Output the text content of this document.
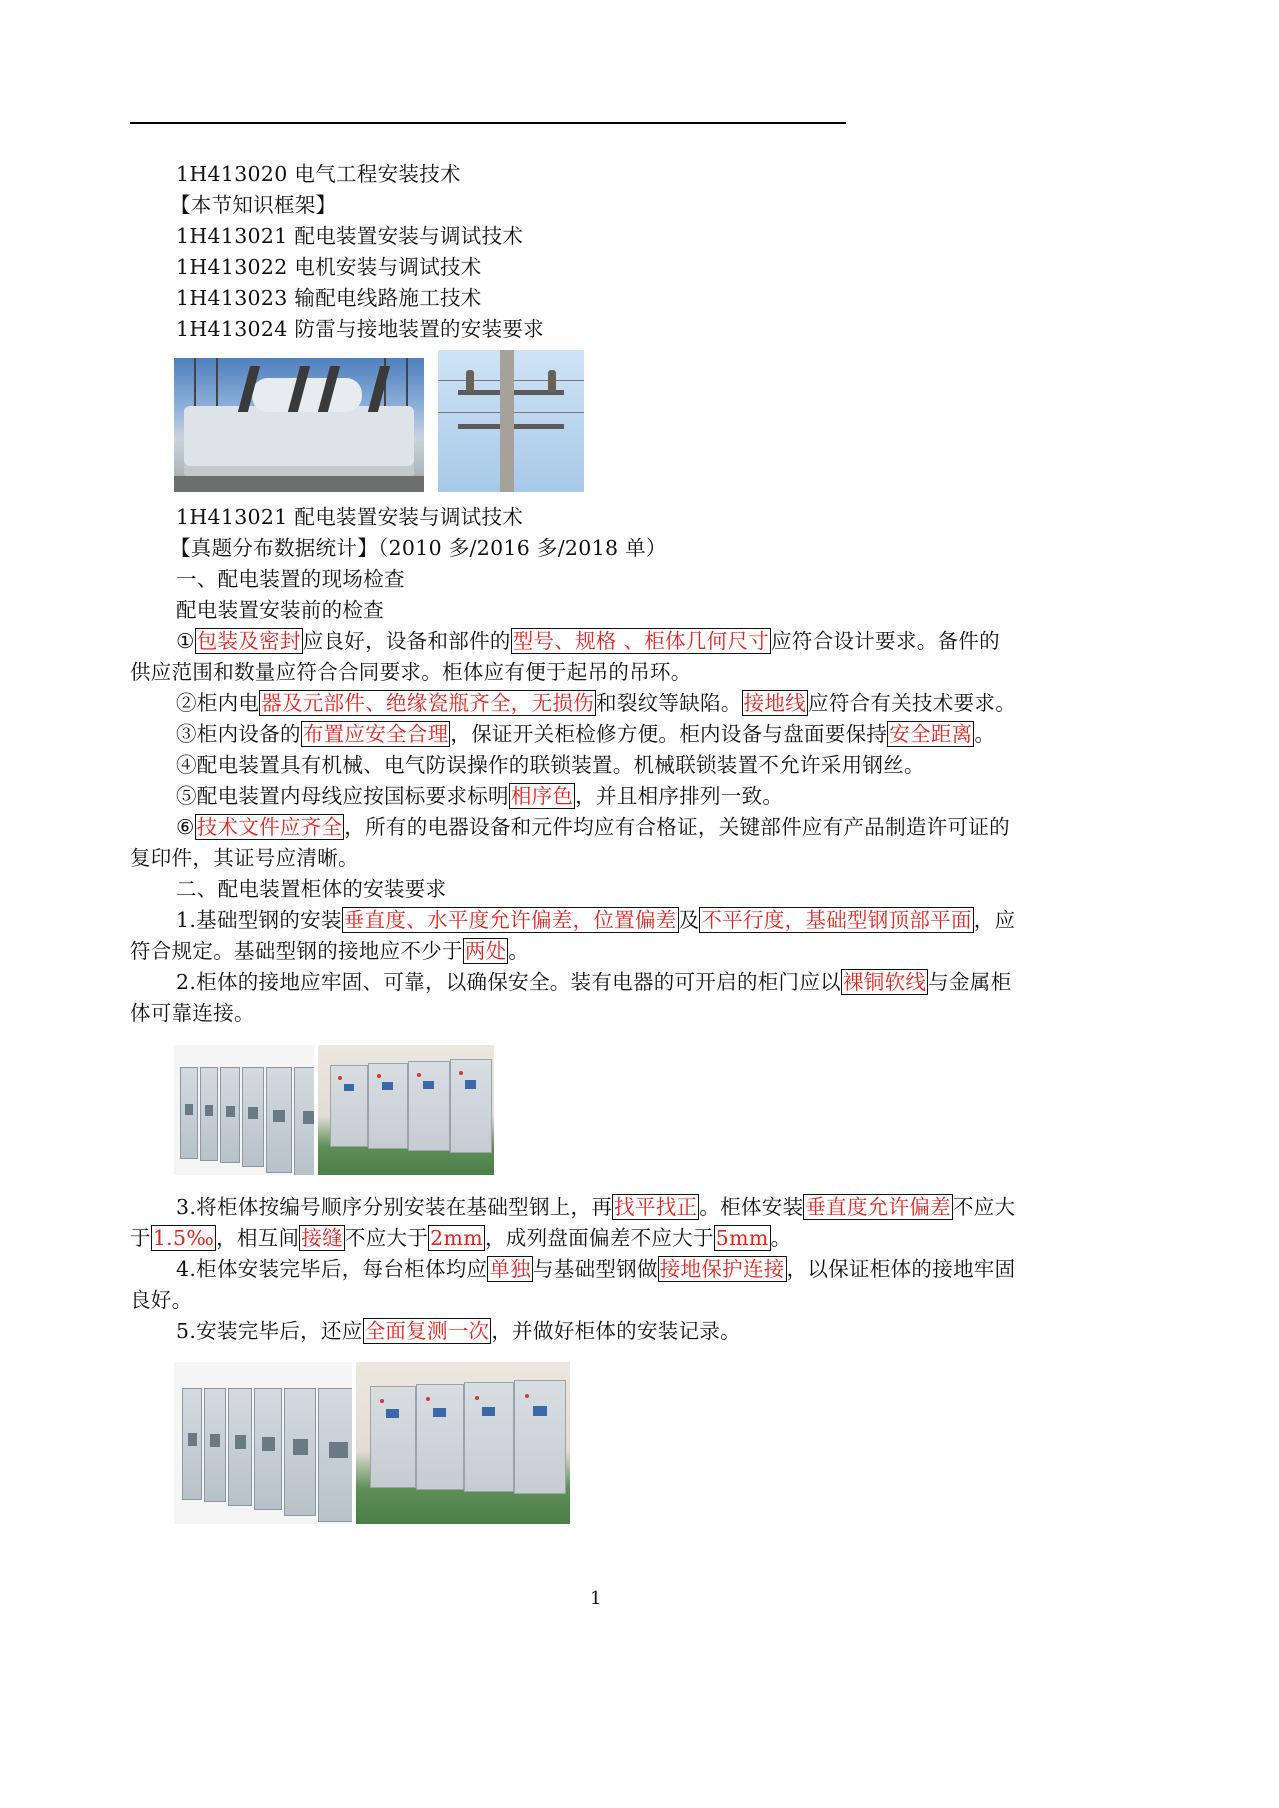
1H413020 电气工程安装技术
【本节知识框架】
1H413021 配电装置安装与调试技术
1H413022 电机安装与调试技术
1H413023 输配电线路施工技术
1H413024 防雷与接地装置的安装要求
1H413021 配电装置安装与调试技术
【真题分布数据统计】（2010 多/2016 多/2018 单）
一、配电装置的现场检查
配电装置安装前的检查
①包装及密封应良好，设备和部件的型号、规格 、柜体几何尺寸应符合设计要求。备件的
供应范围和数量应符合合同要求。柜体应有便于起吊的吊环。
②柜内电器及元部件、绝缘瓷瓶齐全，无损伤和裂纹等缺陷。接地线应符合有关技术要求。
③柜内设备的布置应安全合理，保证开关柜检修方便。柜内设备与盘面要保持安全距离。
④配电装置具有机械、电气防误操作的联锁装置。机械联锁装置不允许采用钢丝。
⑤配电装置内母线应按国标要求标明相序色，并且相序排列一致。
⑥技术文件应齐全，所有的电器设备和元件均应有合格证，关键部件应有产品制造许可证的
复印件，其证号应清晰。
二、配电装置柜体的安装要求
1.基础型钢的安装垂直度、水平度允许偏差，位置偏差及不平行度，基础型钢顶部平面，应
符合规定。基础型钢的接地应不少于两处。
2.柜体的接地应牢固、可靠，以确保安全。装有电器的可开启的柜门应以裸铜软线与金属柜
体可靠连接。
3.将柜体按编号顺序分别安装在基础型钢上，再找平找正。柜体安装垂直度允许偏差不应大
于1.5‰，相互间接缝不应大于2mm，成列盘面偏差不应大于5mm。
4.柜体安装完毕后，每台柜体均应单独与基础型钢做接地保护连接，以保证柜体的接地牢固
良好。
5.安装完毕后，还应全面复测一次，并做好柜体的安装记录。
1
